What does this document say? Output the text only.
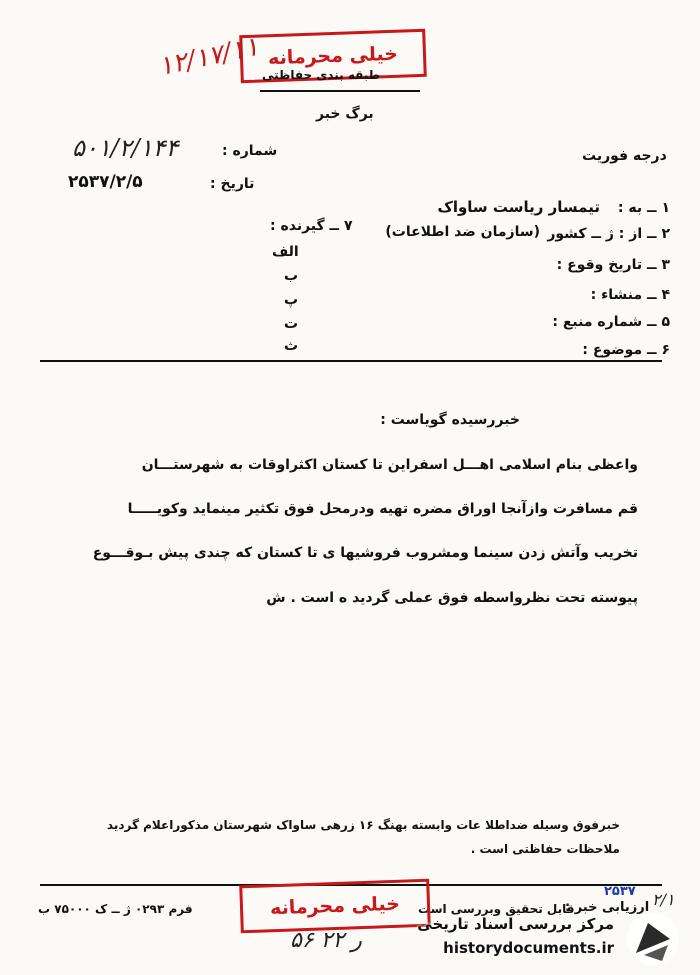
خیلی محرمانه
طبقه بندی حفاظتی
۱۲/۱۷/۱۱
برگ خبر
شماره :
۵۰۱/۲/۱۴۴
تاریخ :
۲۵۳۷/۲/۵
درجه فوریت
۱ ــ به :
تیمسار ریاست ساواک
۲ ــ از : ژ ــ کشور
(سازمان ضد اطلاعات)
۳ ــ تاریخ وقوع :
۴ ــ منشاء :
۵ ــ شماره منبع :
۶ ــ موضوع :
۷ ــ گیرنده :
الف
ب
پ
ت
ث
خبررسیده گویاست :
واعظی بنام اسلامی اهـــل اسفراین تا کستان اکثراوقات به شهرستـــان
قم مسافرت وازآنجا اوراق مضره تهیه ودرمحل فوق تکثیر مینماید وکویـــــا
تخریب وآتش زدن سینما ومشروب فروشیها ی تا کستان که چندی پیش بـوقـــوع
پیوسته تحت نظرواسطه فوق عملی گردید ه است . ش
خبرفوق وسیله ضداطلا عات وابسته بهنگ ۱۶ زرهی ساواک شهرستان مذکوراعلام گردید
ملاحظات حفاظتی است .
ارزیابی خبر : ۲/۱
۲۵۳۷
قابل تحقیق وبررسی است
فرم ۰۲۹۳ ژ ــ ک ۷۵۰۰۰ ب	خیلی محرمانه
۵۶ ر ۲۲
مرکز بررسی اسناد تاریخی
historydocuments.ir
